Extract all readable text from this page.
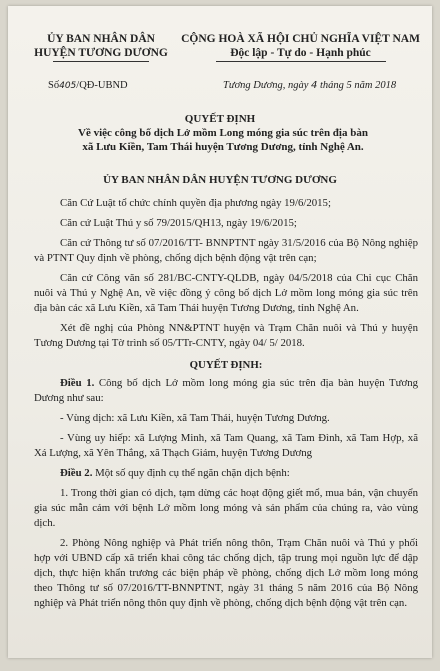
ỦY BAN NHÂN DÂN
HUYỆN TƯƠNG DƯƠNG
CỘNG HOÀ XÃ HỘI CHỦ NGHĨA VIỆT NAM
Độc lập - Tự do - Hạnh phúc
Số405/QĐ-UBND	Tương Dương, ngày 4 tháng 5 năm 2018
QUYẾT ĐỊNH
Về việc công bố dịch Lở mồm Long móng gia súc trên địa bàn
xã Lưu Kiền, Tam Thái huyện Tương Dương, tỉnh Nghệ An.
ỦY BAN NHÂN DÂN HUYỆN TƯƠNG DƯƠNG

Căn Cứ Luật tổ chức chính quyền địa phương ngày 19/6/2015;

Căn cứ Luật Thú y số 79/2015/QH13, ngày 19/6/2015;

Căn cứ Thông tư số 07/2016/TT- BNNPTNT ngày 31/5/2016 của Bộ Nông nghiệp và PTNT Quy định về phòng, chống dịch bệnh động vật trên cạn;

Căn cứ Công văn số 281/BC-CNTY-QLDB, ngày 04/5/2018 của Chi cục Chăn nuôi và Thú y Nghệ An, về việc đồng ý công bố dịch Lở mồm long móng gia súc trên địa bàn các xã Lưu Kiền, xã Tam Thái huyện Tương Dương, tỉnh Nghệ An.

Xét đề nghị của Phòng NN&PTNT huyện và Trạm Chăn nuôi và Thú y huyện Tương Dương tại Tờ trình số 05/TTr-CNTY, ngày 04/ 5/ 2018.

QUYẾT ĐỊNH:

Điều 1. Công bố dịch Lở mồm long móng gia súc trên địa bàn huyện Tương Dương như sau:

- Vùng dịch: xã Lưu Kiền, xã Tam Thái, huyện Tương Dương.

- Vùng uy hiếp: xã Lượng Minh, xã Tam Quang, xã Tam Đình, xã Tam Hợp, xã Xá Lượng, xã Yên Thắng, xã Thạch Giám, huyện Tương Dương

Điều 2. Một số quy định cụ thể ngăn chặn dịch bệnh:

1. Trong thời gian có dịch, tạm dừng các hoạt động giết mổ, mua bán, vận chuyển gia súc mẫn cảm với bệnh Lở mồm long móng và sản phẩm của chúng ra, vào vùng dịch.

2. Phòng Nông nghiệp và Phát triển nông thôn, Trạm Chăn nuôi và Thú y phối hợp với UBND cấp xã triển khai công tác chống dịch, tập trung mọi nguồn lực để dập dịch, thực hiện khẩn trương các biện pháp về phòng, chống dịch Lở mồm long móng theo Thông tư số 07/2016/TT-BNNPTNT, ngày 31 tháng 5 năm 2016 của Bộ Nông nghiệp và Phát triển nông thôn quy định về phòng, chống dịch bệnh động vật trên cạn.
